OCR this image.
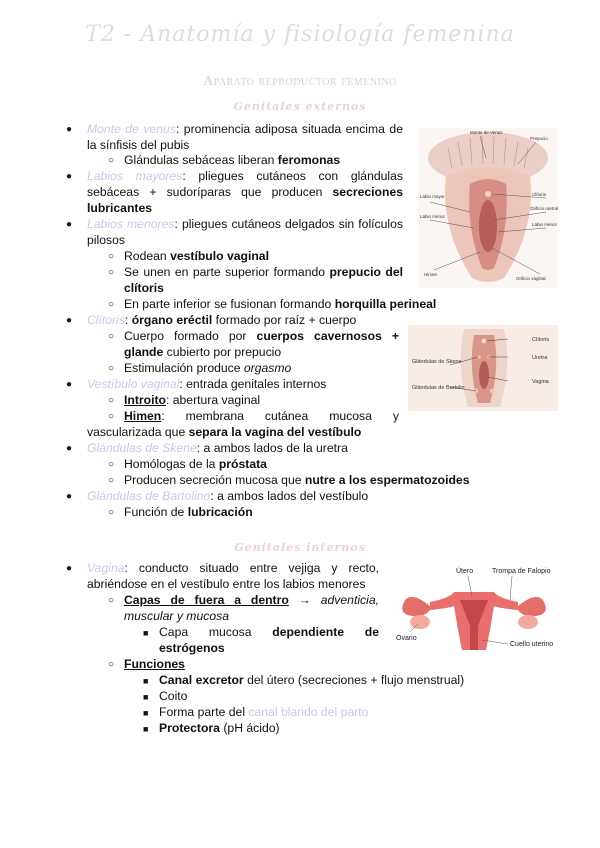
T2 - Anatomía y fisiología femenina
Aparato reproductor femenino
Genitales externos
● Monte de venus: prominencia adiposa situada encima de
la sínfisis del pubis
○ Glándulas sebáceas liberan feromonas
● Labios mayores: pliegues cutáneos con glándulas
sebáceas + sudoríparas que producen secreciones
lubricantes
● Labios menores: pliegues cutáneos delgados sin folículos
pilosos
○ Rodean vestíbulo vaginal
○ Se unen en parte superior formando prepucio del
clítoris
○ En parte inferior se fusionan formando horquilla perineal
● Clítoris: órgano eréctil formado por raíz + cuerpo
○ Cuerpo formado por cuerpos cavernosos +
glande cubierto por prepucio
○ Estimulación produce orgasmo
● Vestíbulo vaginal: entrada genitales internos
○ Introito: abertura vaginal
○ Himen: membrana cutánea mucosa y
vascularizada que separa la vagina del vestíbulo
● Glándulas de Skene: a ambos lados de la uretra
○ Homólogas de la próstata
○ Producen secreción mucosa que nutre a los espermatozoides
● Glándulas de Bartolino: a ambos lados del vestíbulo
○ Función de lubricación
Genitales internos
● Vagina: conducto situado entre vejiga y recto,
abriéndose en el vestíbulo entre los labios menores
○ Capas de fuera a dentro → adventicia,
muscular y mucosa
■ Capa mucosa dependiente de
estrógenos
○ Funciones
■ Canal excretor del útero (secreciones + flujo menstrual)
■ Coito
■ Forma parte del canal blando del parto
■ Protectora (pH ácido)
Monte de Venus
Prepucio
Labio mayor
Labio menor
Clítoris
Orificio uretral
Labio menor
Himen
Orificio vaginal
Clítoris
Uretra
Vagina
Glándulas de Skene
Glándulas de Bartolin
Útero	Trompa de Falopio
Ovario
Cuello uterino
